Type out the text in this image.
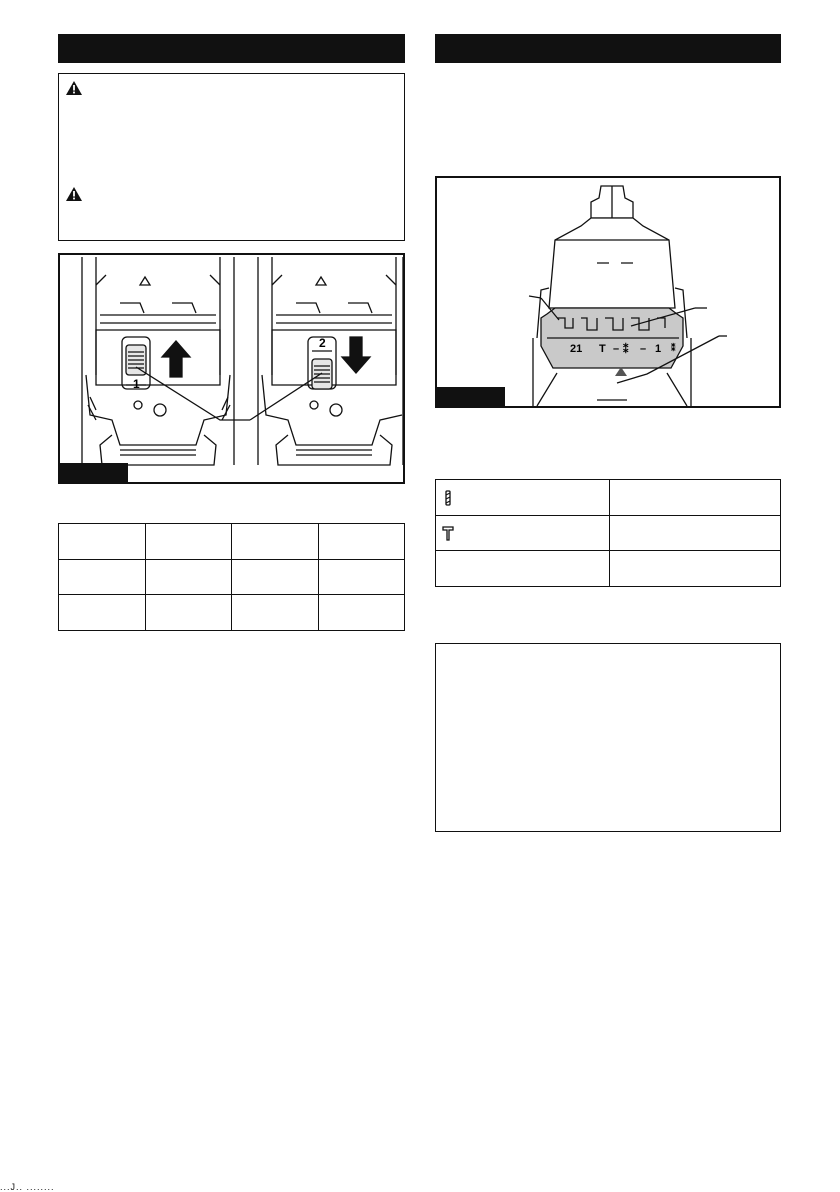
1
2

				21 T – ⁑ – 1 ⁑

...J.. ........
